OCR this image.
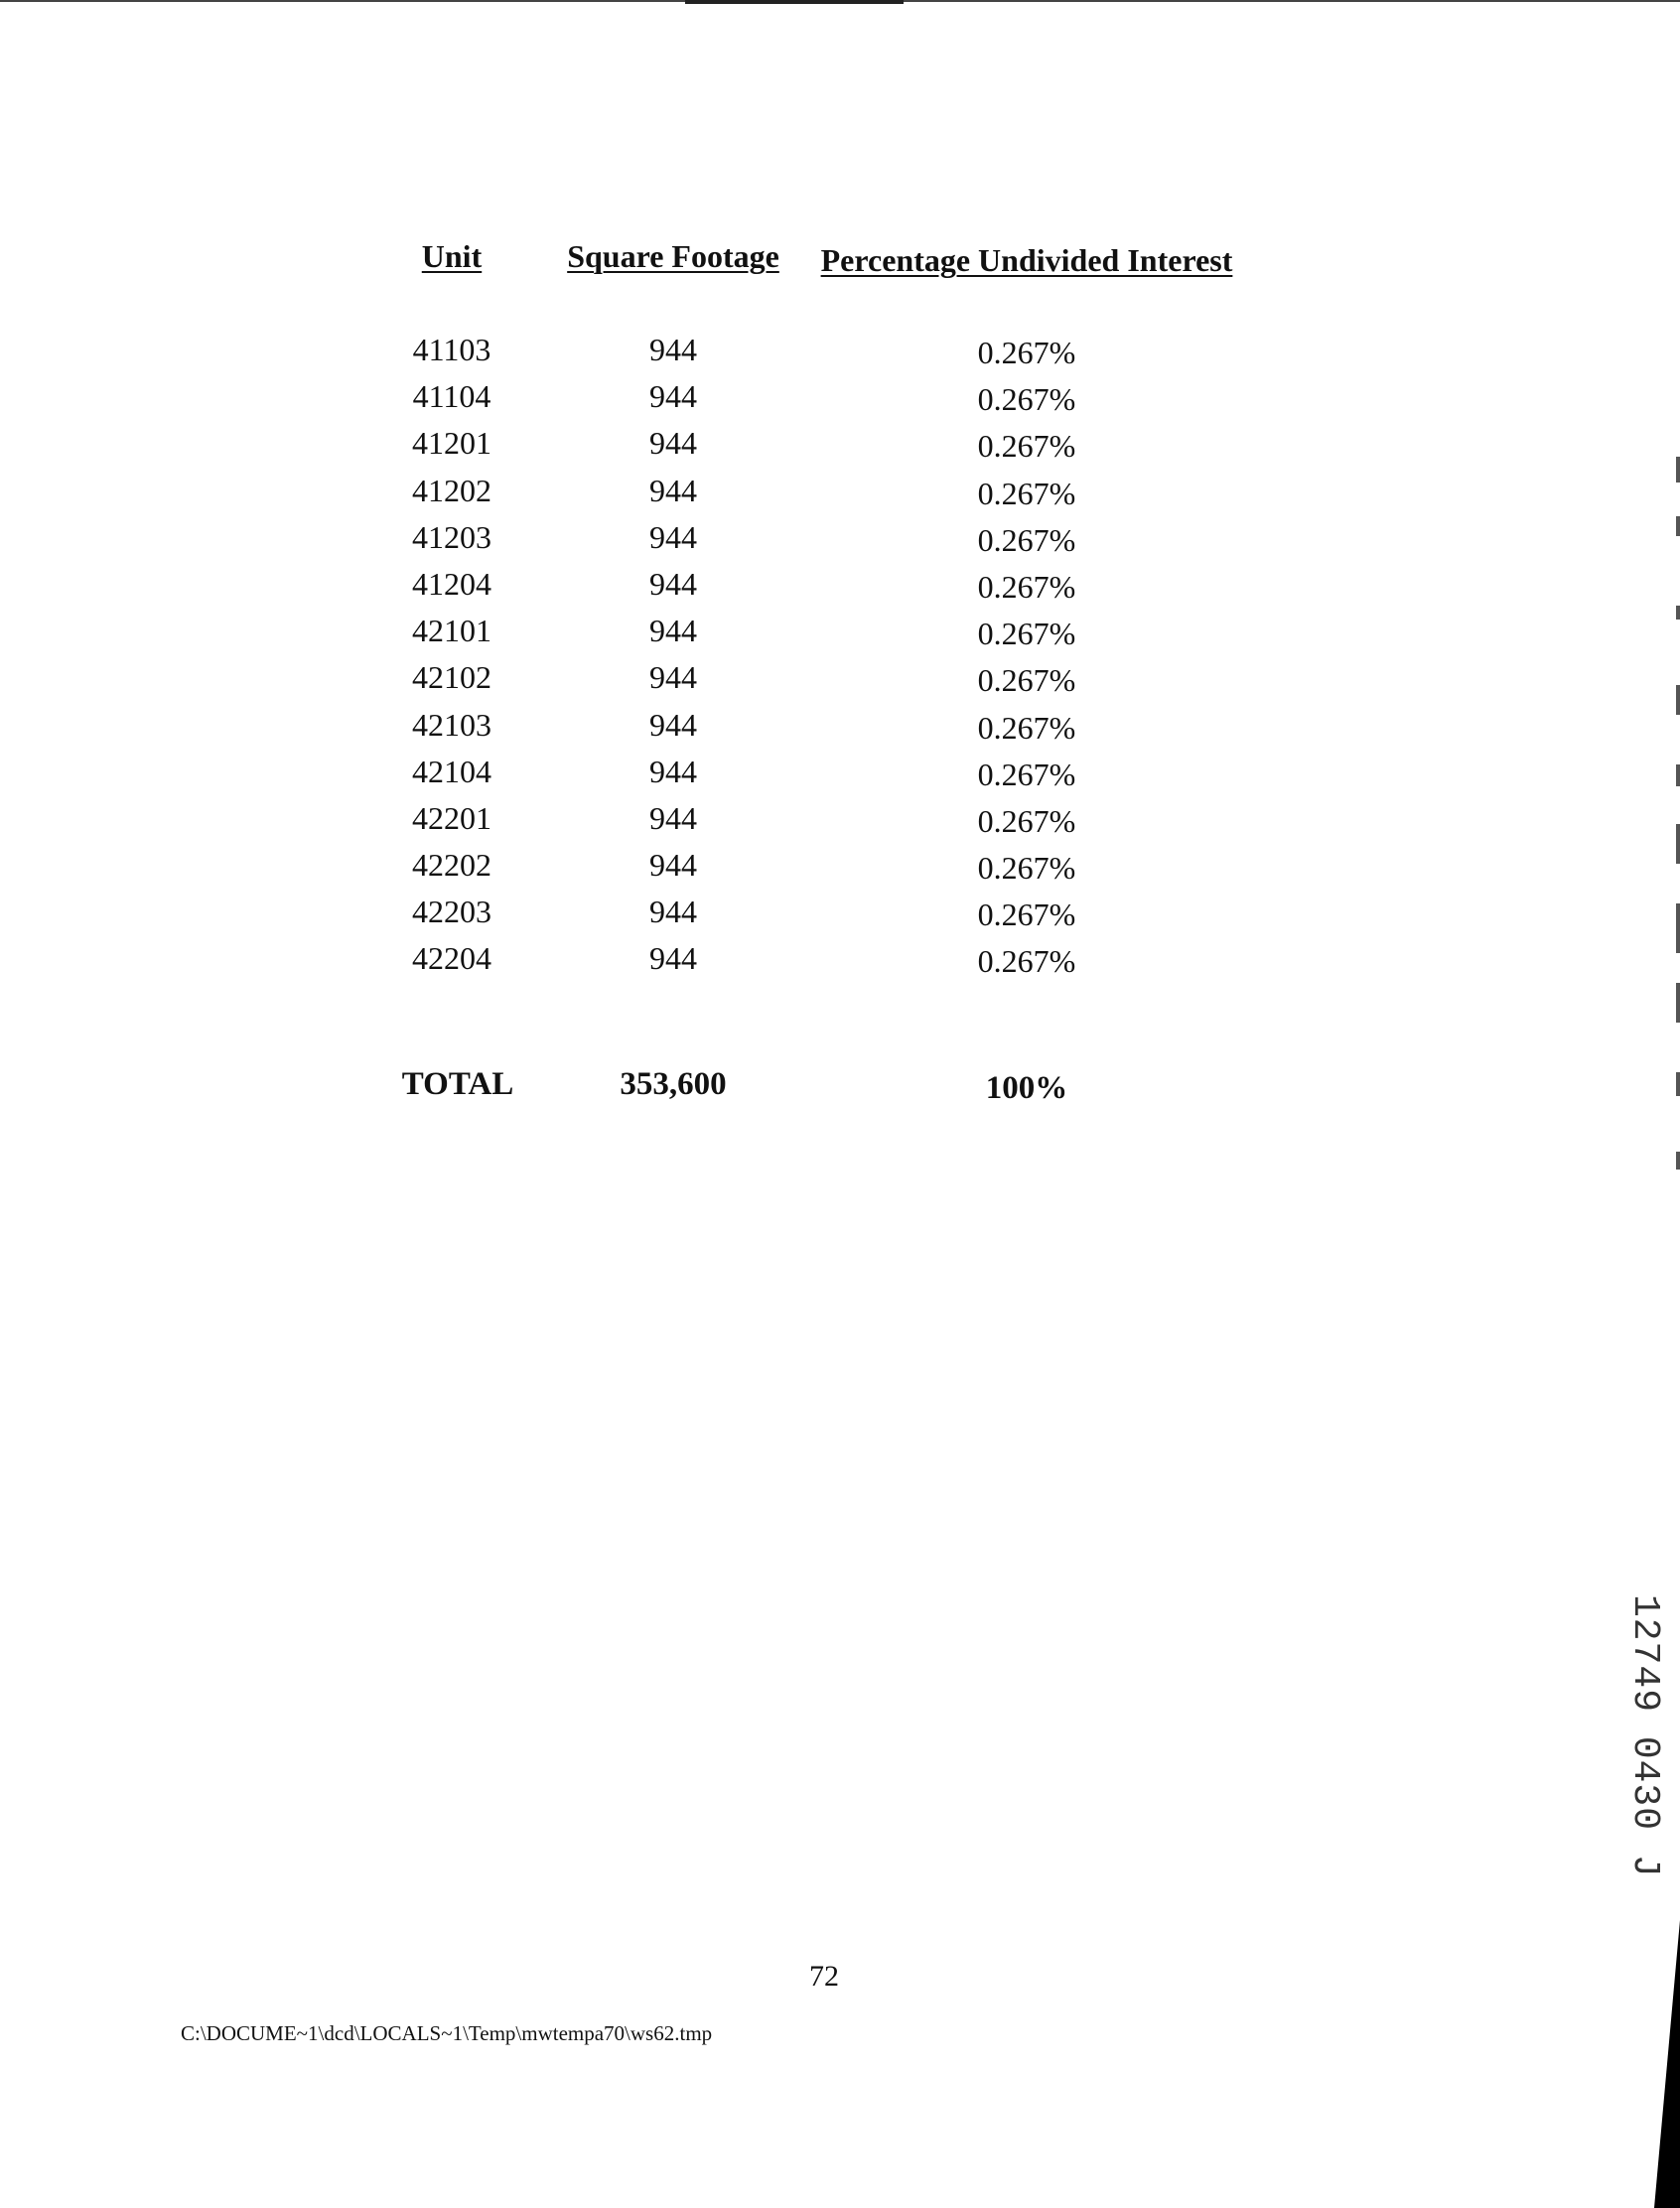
Unit	Square Footage	Percentage Undivided Interest
41103	944	0.267%
41104	944	0.267%
41201	944	0.267%
41202	944	0.267%
41203	944	0.267%
41204	944	0.267%
42101	944	0.267%
42102	944	0.267%
42103	944	0.267%
42104	944	0.267%
42201	944	0.267%
42202	944	0.267%
42203	944	0.267%
42204	944	0.267%
TOTAL	353,600	100%
72
C:\DOCUME~1\dcd\LOCALS~1\Temp\mwtempa70\ws62.tmp
12749 0430 J
